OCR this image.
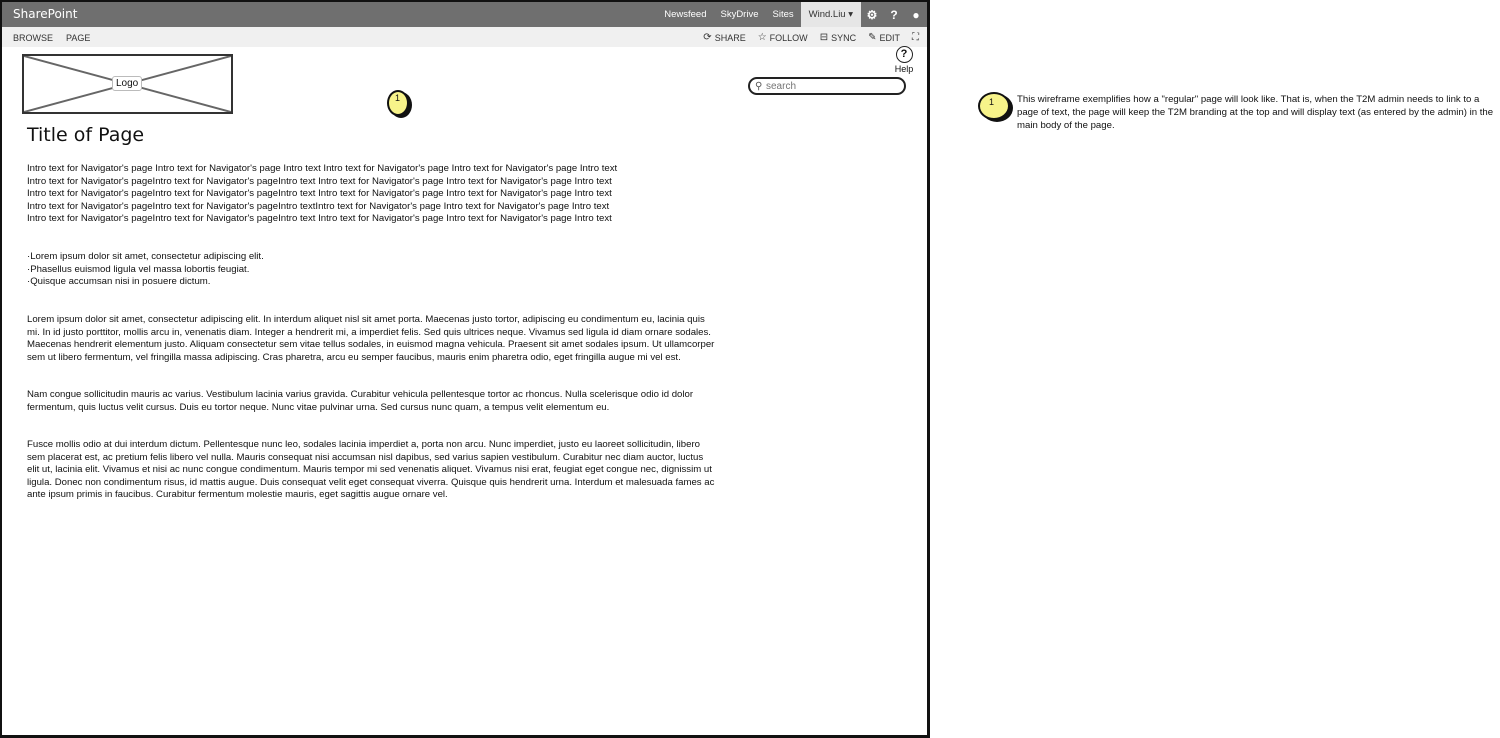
SharePoint	Newsfeed	SkyDrive	Sites	Wind.Liu ▾	⚙	?	●
BROWSE PAGE	⟳ SHARE ☆ FOLLOW ⊟ SYNC ✎ EDIT ⛶
Logo
?
Help
⚲
search
1
Title of Page
Intro text for Navigator's page Intro text for Navigator's page Intro text Intro text for Navigator's page Intro text for Navigator's page Intro text
Intro text for Navigator's pageIntro text for Navigator's pageIntro text Intro text for Navigator's page Intro text for Navigator's page Intro text
Intro text for Navigator's pageIntro text for Navigator's pageIntro text Intro text for Navigator's page Intro text for Navigator's page Intro text
Intro text for Navigator's pageIntro text for Navigator's pageIntro textIntro text for Navigator's page Intro text for Navigator's page Intro text
Intro text for Navigator's pageIntro text for Navigator's pageIntro text Intro text for Navigator's page Intro text for Navigator's page Intro text
·Lorem ipsum dolor sit amet, consectetur adipiscing elit.
·Phasellus euismod ligula vel massa lobortis feugiat.
·Quisque accumsan nisi in posuere dictum.
Lorem ipsum dolor sit amet, consectetur adipiscing elit. In interdum aliquet nisl sit amet porta. Maecenas justo tortor, adipiscing eu condimentum eu, lacinia quis mi. In id justo porttitor, mollis arcu in, venenatis diam. Integer a hendrerit mi, a imperdiet felis. Sed quis ultrices neque. Vivamus sed ligula id diam ornare sodales. Maecenas hendrerit elementum justo. Aliquam consectetur sem vitae tellus sodales, in euismod magna vehicula. Praesent sit amet sodales ipsum. Ut ullamcorper sem ut libero fermentum, vel fringilla massa adipiscing. Cras pharetra, arcu eu semper faucibus, mauris enim pharetra odio, eget fringilla augue mi vel est.
Nam congue sollicitudin mauris ac varius. Vestibulum lacinia varius gravida. Curabitur vehicula pellentesque tortor ac rhoncus. Nulla scelerisque odio id dolor fermentum, quis luctus velit cursus. Duis eu tortor neque. Nunc vitae pulvinar urna. Sed cursus nunc quam, a tempus velit elementum eu.
Fusce mollis odio at dui interdum dictum. Pellentesque nunc leo, sodales lacinia imperdiet a, porta non arcu. Nunc imperdiet, justo eu laoreet sollicitudin, libero sem placerat est, ac pretium felis libero vel nulla. Mauris consequat nisi accumsan nisl dapibus, sed varius sapien vestibulum. Curabitur nec diam auctor, luctus elit ut, lacinia elit. Vivamus et nisi ac nunc congue condimentum. Mauris tempor mi sed venenatis aliquet. Vivamus nisi erat, feugiat eget congue nec, dignissim ut ligula. Donec non condimentum risus, id mattis augue. Duis consequat velit eget consequat viverra. Quisque quis hendrerit urna. Interdum et malesuada fames ac ante ipsum primis in faucibus. Curabitur fermentum molestie mauris, eget sagittis augue ornare vel.
1 This wireframe exemplifies how a "regular" page will look like. That is, when the T2M admin needs to link to a page of text, the page will keep the T2M branding at the top and will display text (as entered by the admin) in the main body of the page.
